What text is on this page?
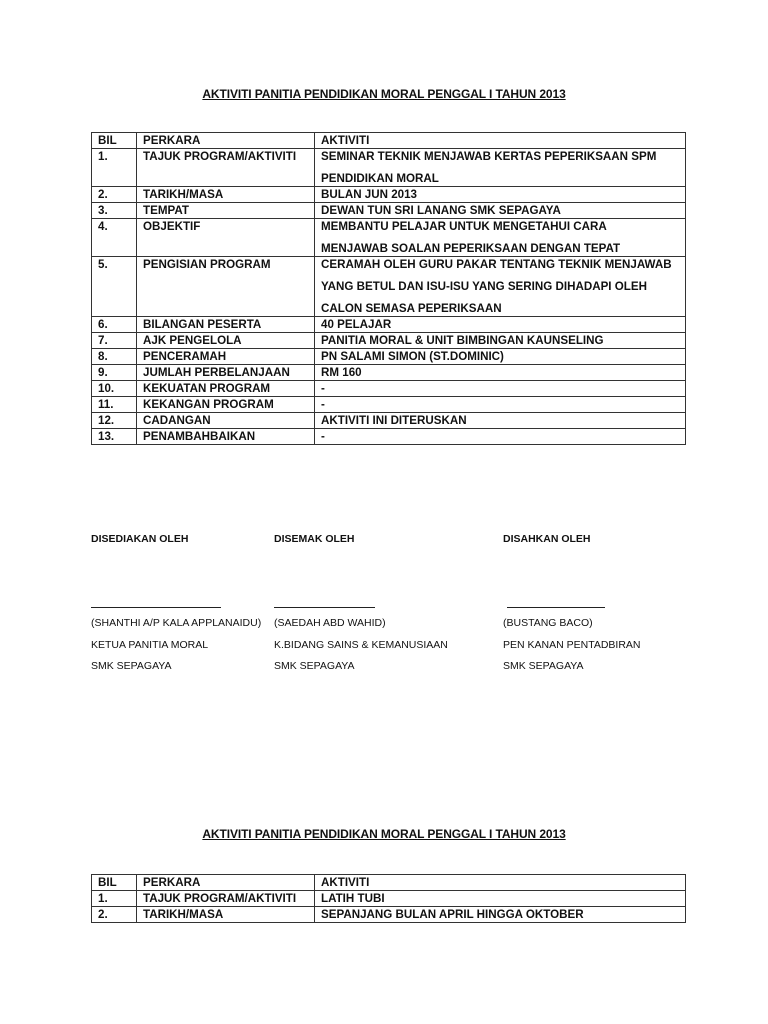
AKTIVITI PANITIA PENDIDIKAN MORAL PENGGAL I TAHUN 2013
BIL	PERKARA	AKTIVITI
1.	TAJUK PROGRAM/AKTIVITI	SEMINAR TEKNIK MENJAWAB KERTAS PEPERIKSAAN SPM
PENDIDIKAN MORAL

2.	TARIKH/MASA	BULAN JUN 2013

3.	TEMPAT	DEWAN TUN SRI LANANG SMK SEPAGAYA

4.	OBJEKTIF	MEMBANTU PELAJAR UNTUK MENGETAHUI CARA
MENJAWAB SOALAN PEPERIKSAAN DENGAN TEPAT

5.	PENGISIAN PROGRAM	CERAMAH OLEH GURU PAKAR TENTANG TEKNIK MENJAWAB
YANG BETUL DAN ISU-ISU YANG SERING DIHADAPI OLEH
CALON SEMASA PEPERIKSAAN

6.	BILANGAN PESERTA	40 PELAJAR

7.	AJK PENGELOLA	PANITIA MORAL & UNIT BIMBINGAN KAUNSELING

8.	PENCERAMAH	PN SALAMI SIMON (ST.DOMINIC)

9.	JUMLAH PERBELANJAAN	RM 160

10.	KEKUATAN PROGRAM	-

11.	KEKANGAN PROGRAM	-

12.	CADANGAN	AKTIVITI INI DITERUSKAN

13.	PENAMBAHBAIKAN	-
DISEDIAKAN OLEH
(SHANTHI A/P KALA APPLANAIDU)
KETUA PANITIA MORAL
SMK SEPAGAYA
DISEMAK OLEH
(SAEDAH ABD WAHID)
K.BIDANG SAINS & KEMANUSIAAN
SMK SEPAGAYA
DISAHKAN OLEH
(BUSTANG BACO)
PEN KANAN PENTADBIRAN
SMK SEPAGAYA
AKTIVITI PANITIA PENDIDIKAN MORAL PENGGAL I TAHUN 2013
BIL	PERKARA	AKTIVITI
1.	TAJUK PROGRAM/AKTIVITI	LATIH TUBI

2.	TARIKH/MASA	SEPANJANG BULAN APRIL HINGGA OKTOBER
